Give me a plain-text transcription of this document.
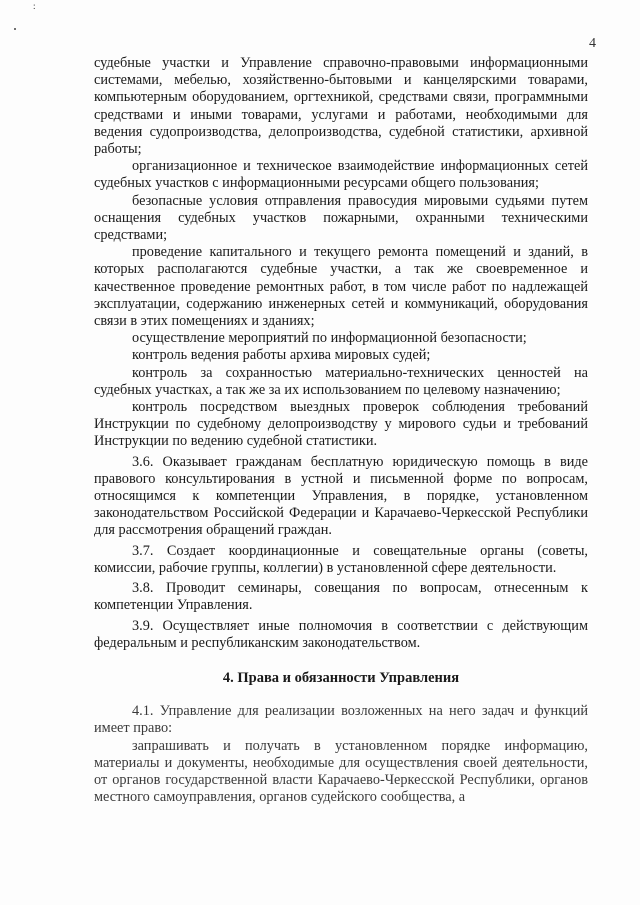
:
4

судебные участки и Управление справочно-правовыми информационными системами, мебелью, хозяйственно-бытовыми и канцелярскими товарами, компьютерным оборудованием, оргтехникой, средствами связи, программными средствами и иными товарами, услугами и работами, необходимыми для ведения судопроизводства, делопроизводства, судебной статистики, архивной работы;

организационное и техническое взаимодействие информационных сетей судебных участков с информационными ресурсами общего пользования;

безопасные условия отправления правосудия мировыми судьями путем оснащения судебных участков пожарными, охранными техническими средствами;

проведение капитального и текущего ремонта помещений и зданий, в которых располагаются судебные участки, а так же своевременное и качественное проведение ремонтных работ, в том числе работ по надлежащей эксплуатации, содержанию инженерных сетей и коммуникаций, оборудования связи в этих помещениях и зданиях;

осуществление мероприятий по информационной безопасности;

контроль ведения работы архива мировых судей;

контроль за сохранностью материально-технических ценностей на судебных участках, а так же за их использованием по целевому назначению;

контроль посредством выездных проверок соблюдения требований Инструкции по судебному делопроизводству у мирового судьи и требований Инструкции по ведению судебной статистики.

3.6. Оказывает гражданам бесплатную юридическую помощь в виде правового консультирования в устной и письменной форме по вопросам, относящимся к компетенции Управления, в порядке, установленном законодательством Российской Федерации и Карачаево-Черкесской Республики для рассмотрения обращений граждан.

3.7. Создает координационные и совещательные органы (советы, комиссии, рабочие группы, коллегии) в установленной сфере деятельности.

3.8. Проводит семинары, совещания по вопросам, отнесенным к компетенции Управления.

3.9. Осуществляет иные полномочия в соответствии с действующим федеральным и республиканским законодательством.

4. Права и обязанности Управления

4.1. Управление для реализации возложенных на него задач и функций имеет право:

запрашивать и получать в установленном порядке информацию, материалы и документы, необходимые для осуществления своей деятельности, от органов государственной власти Карачаево-Черкесской Республики, органов местного самоуправления, органов судейского сообщества, а
